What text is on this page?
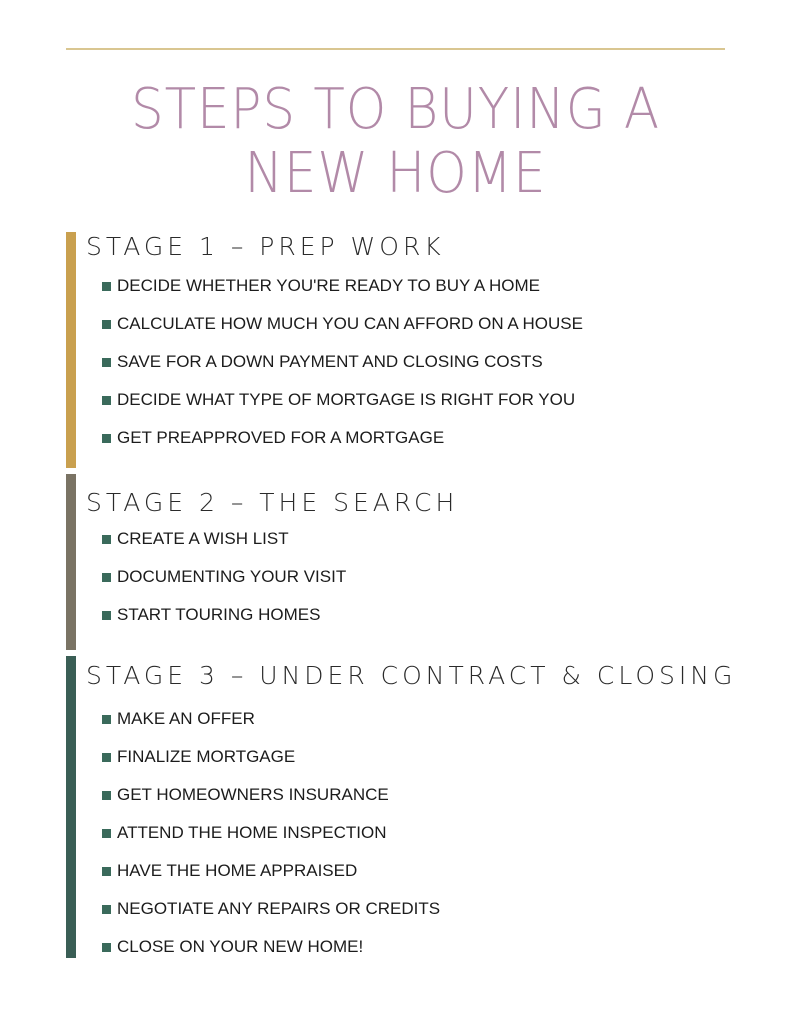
STEPS TO BUYING A
NEW HOME
STAGE 1 – PREP WORK
DECIDE WHETHER YOU'RE READY TO BUY A HOME
CALCULATE HOW MUCH YOU CAN AFFORD ON A HOUSE
SAVE FOR A DOWN PAYMENT AND CLOSING COSTS
DECIDE WHAT TYPE OF MORTGAGE IS RIGHT FOR YOU
GET PREAPPROVED FOR A MORTGAGE
STAGE 2 – THE SEARCH
CREATE A WISH LIST
DOCUMENTING YOUR VISIT
START TOURING HOMES
STAGE 3 – UNDER CONTRACT & CLOSING
MAKE AN OFFER
FINALIZE MORTGAGE
GET HOMEOWNERS INSURANCE
ATTEND THE HOME INSPECTION
HAVE THE HOME APPRAISED
NEGOTIATE ANY REPAIRS OR CREDITS
CLOSE ON YOUR NEW HOME!
